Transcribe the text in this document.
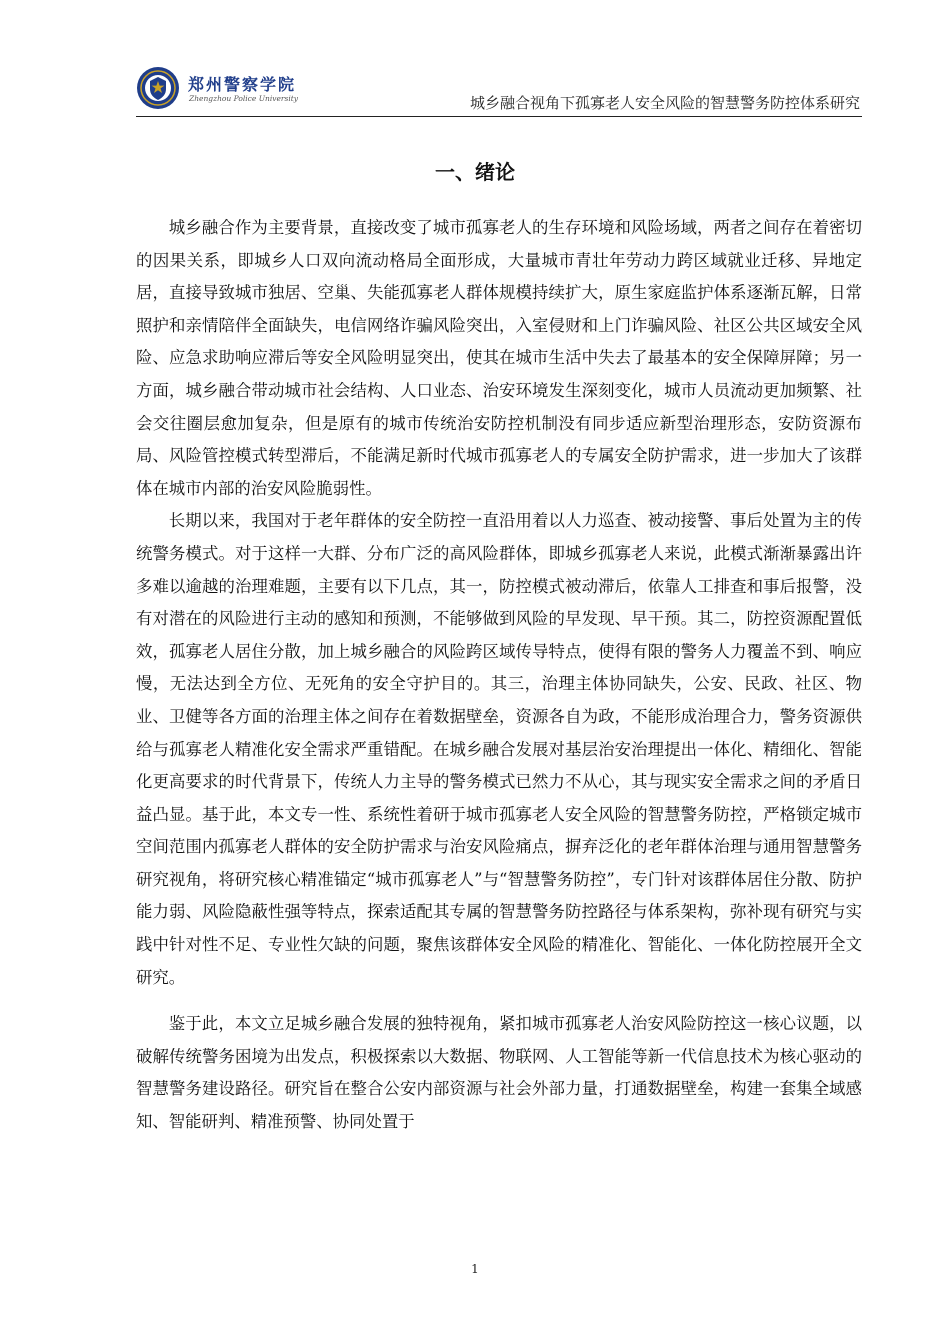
郑州警察学院
Zhengzhou Police University	城乡融合视角下孤寡老人安全风险的智慧警务防控体系研究
一、绪论

城乡融合作为主要背景，直接改变了城市孤寡老人的生存环境和风险场域，两者之间存在着密切的因果关系，即城乡人口双向流动格局全面形成，大量城市青壮年劳动力跨区域就业迁移、异地定居，直接导致城市独居、空巢、失能孤寡老人群体规模持续扩大，原生家庭监护体系逐渐瓦解，日常照护和亲情陪伴全面缺失，电信网络诈骗风险突出，入室侵财和上门诈骗风险、社区公共区域安全风险、应急求助响应滞后等安全风险明显突出，使其在城市生活中失去了最基本的安全保障屏障；另一方面，城乡融合带动城市社会结构、人口业态、治安环境发生深刻变化，城市人员流动更加频繁、社会交往圈层愈加复杂，但是原有的城市传统治安防控机制没有同步适应新型治理形态，安防资源布局、风险管控模式转型滞后，不能满足新时代城市孤寡老人的专属安全防护需求，进一步加大了该群体在城市内部的治安风险脆弱性。

长期以来，我国对于老年群体的安全防控一直沿用着以人力巡查、被动接警、事后处置为主的传统警务模式。对于这样一大群、分布广泛的高风险群体，即城乡孤寡老人来说，此模式渐渐暴露出许多难以逾越的治理难题，主要有以下几点，其一，防控模式被动滞后，依靠人工排查和事后报警，没有对潜在的风险进行主动的感知和预测，不能够做到风险的早发现、早干预。其二，防控资源配置低效，孤寡老人居住分散，加上城乡融合的风险跨区域传导特点，使得有限的警务人力覆盖不到、响应慢，无法达到全方位、无死角的安全守护目的。其三，治理主体协同缺失，公安、民政、社区、物业、卫健等各方面的治理主体之间存在着数据壁垒，资源各自为政，不能形成治理合力，警务资源供给与孤寡老人精准化安全需求严重错配。在城乡融合发展对基层治安治理提出一体化、精细化、智能化更高要求的时代背景下，传统人力主导的警务模式已然力不从心，其与现实安全需求之间的矛盾日益凸显。基于此，本文专一性、系统性着研于城市孤寡老人安全风险的智慧警务防控，严格锁定城市空间范围内孤寡老人群体的安全防护需求与治安风险痛点，摒弃泛化的老年群体治理与通用智慧警务研究视角，将研究核心精准锚定“城市孤寡老人”与“智慧警务防控”，专门针对该群体居住分散、防护能力弱、风险隐蔽性强等特点，探索适配其专属的智慧警务防控路径与体系架构，弥补现有研究与实践中针对性不足、专业性欠缺的问题，聚焦该群体安全风险的精准化、智能化、一体化防控展开全文研究。

鉴于此，本文立足城乡融合发展的独特视角，紧扣城市孤寡老人治安风险防控这一核心议题，以破解传统警务困境为出发点，积极探索以大数据、物联网、人工智能等新一代信息技术为核心驱动的智慧警务建设路径。研究旨在整合公安内部资源与社会外部力量，打通数据壁垒，构建一套集全域感知、智能研判、精准预警、协同处置于

1
